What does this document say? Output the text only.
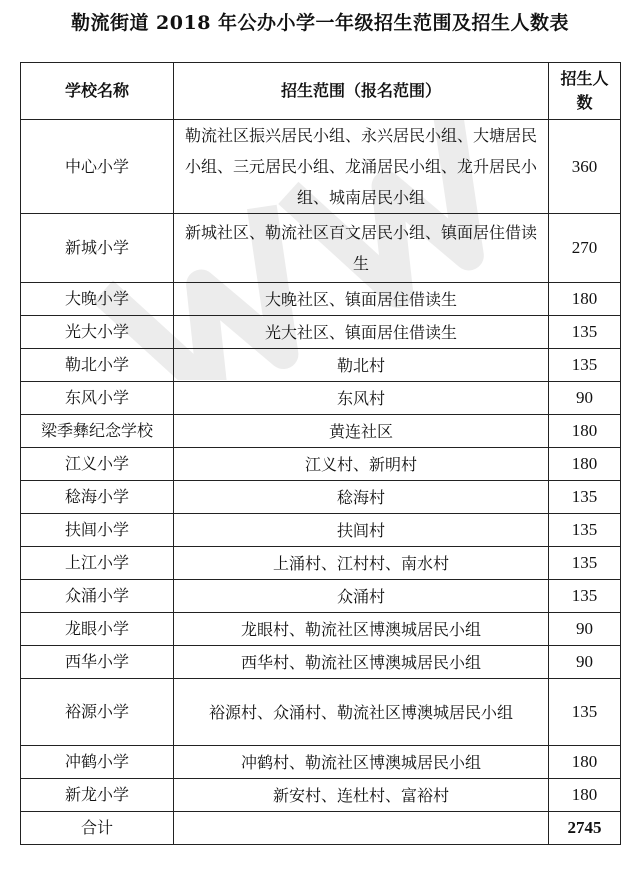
勒流街道 2018 年公办小学一年级招生范围及招生人数表
学校名称	招生范围（报名范围）	招生人数
中心小学	勒流社区振兴居民小组、永兴居民小组、大塘居民小组、三元居民小组、龙涌居民小组、龙升居民小组、城南居民小组	360
新城小学	新城社区、勒流社区百文居民小组、镇面居住借读生	270
大晚小学	大晚社区、镇面居住借读生	180
光大小学	光大社区、镇面居住借读生	135
勒北小学	勒北村	135
东风小学	东风村	90
梁季彝纪念学校	黄连社区	180
江义小学	江义村、新明村	180
稔海小学	稔海村	135
扶闾小学	扶闾村	135
上江小学	上涌村、江村村、南水村	135
众涌小学	众涌村	135
龙眼小学	龙眼村、勒流社区博澳城居民小组	90
西华小学	西华村、勒流社区博澳城居民小组	90
裕源小学	裕源村、众涌村、勒流社区博澳城居民小组	135
冲鹤小学	冲鹤村、勒流社区博澳城居民小组	180
新龙小学	新安村、连杜村、富裕村	180
合计		2745
